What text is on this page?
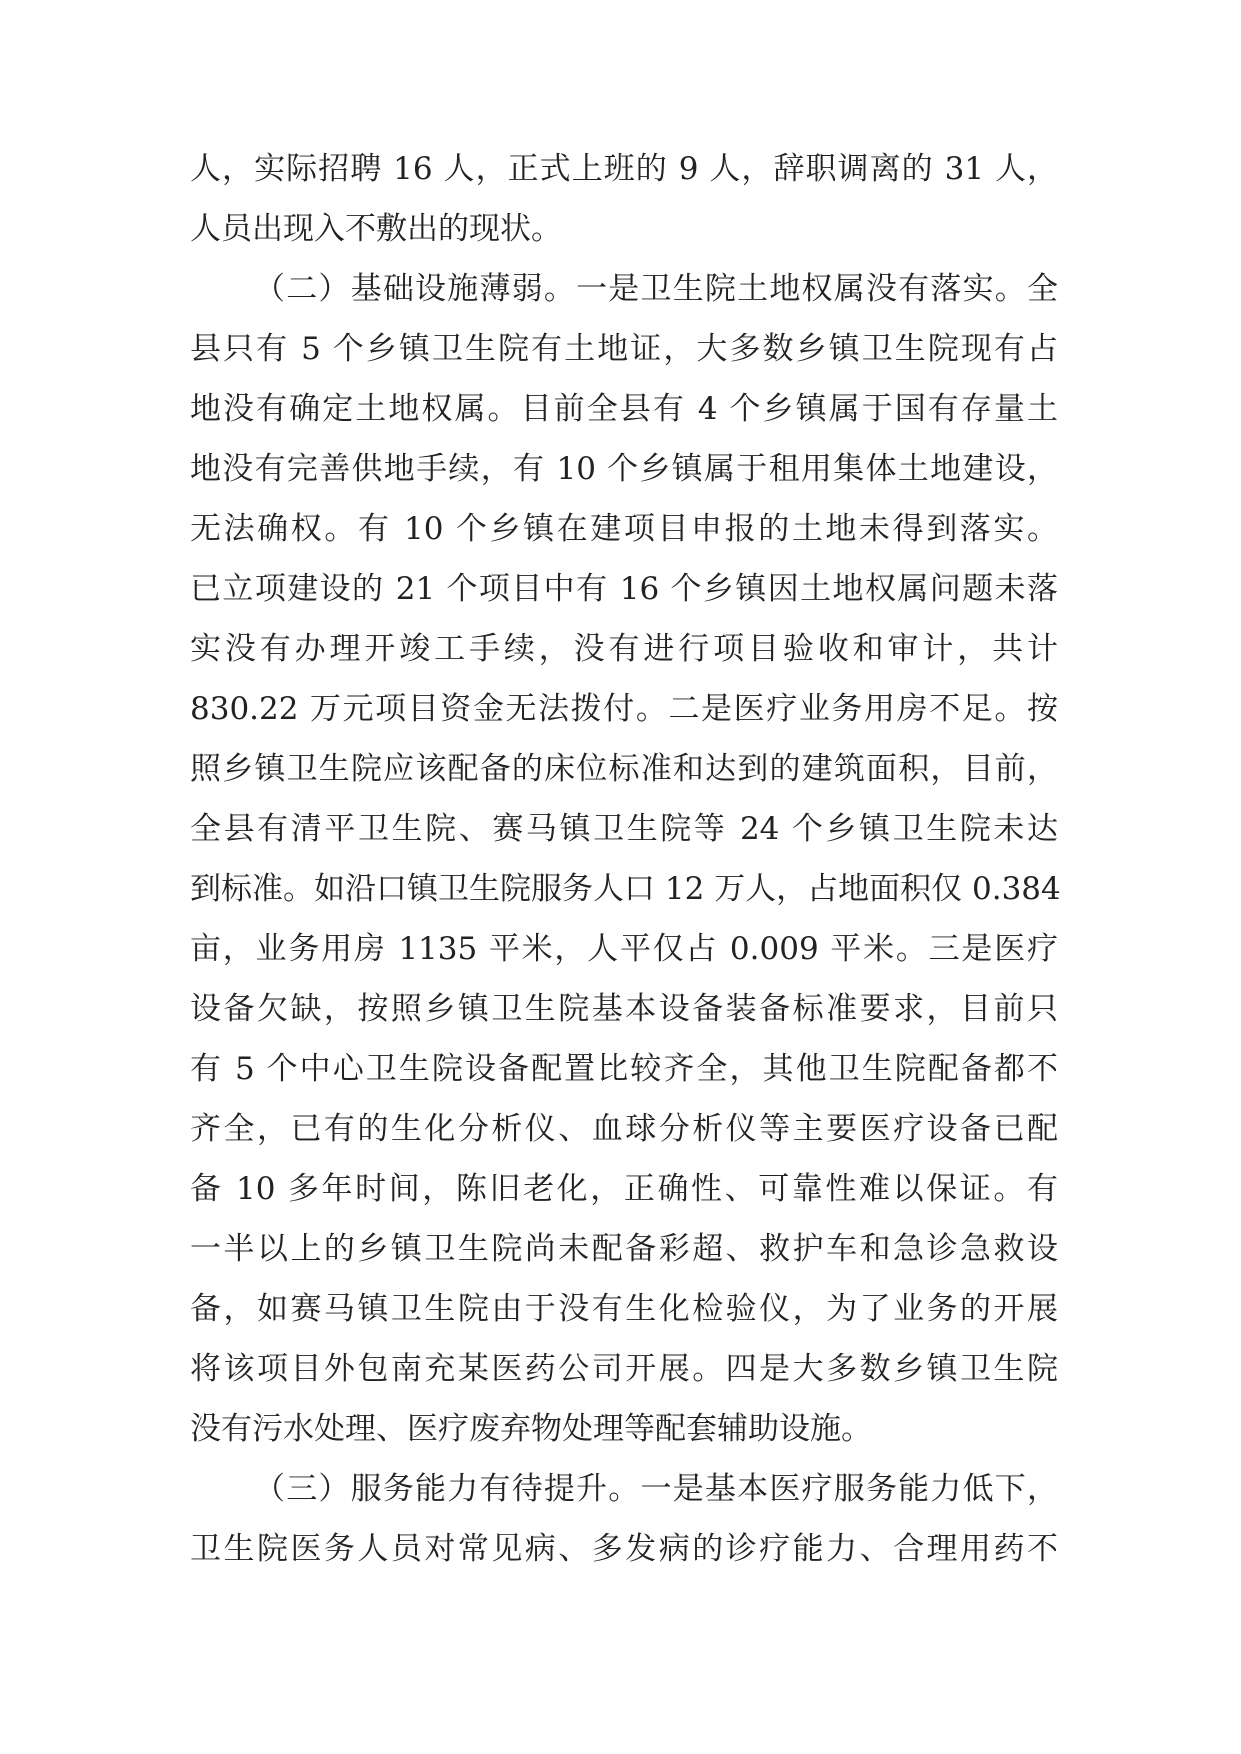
人，实际招聘 16 人，正式上班的 9 人，辞职调离的 31 人，
人员出现入不敷出的现状。
（二）基础设施薄弱。一是卫生院土地权属没有落实。全
县只有 5 个乡镇卫生院有土地证，大多数乡镇卫生院现有占
地没有确定土地权属。目前全县有 4 个乡镇属于国有存量土
地没有完善供地手续，有 10 个乡镇属于租用集体土地建设，
无法确权。有 10 个乡镇在建项目申报的土地未得到落实。
已立项建设的 21 个项目中有 16 个乡镇因土地权属问题未落
实没有办理开竣工手续，没有进行项目验收和审计，共计
830.22 万元项目资金无法拨付。二是医疗业务用房不足。按
照乡镇卫生院应该配备的床位标准和达到的建筑面积，目前，
全县有清平卫生院、赛马镇卫生院等 24 个乡镇卫生院未达
到标准。如沿口镇卫生院服务人口 12 万人，占地面积仅 0.384
亩，业务用房 1135 平米，人平仅占 0.009 平米。三是医疗
设备欠缺，按照乡镇卫生院基本设备装备标准要求，目前只
有 5 个中心卫生院设备配置比较齐全，其他卫生院配备都不
齐全，已有的生化分析仪、血球分析仪等主要医疗设备已配
备 10 多年时间，陈旧老化，正确性、可靠性难以保证。有
一半以上的乡镇卫生院尚未配备彩超、救护车和急诊急救设
备，如赛马镇卫生院由于没有生化检验仪，为了业务的开展
将该项目外包南充某医药公司开展。四是大多数乡镇卫生院
没有污水处理、医疗废弃物处理等配套辅助设施。
（三）服务能力有待提升。一是基本医疗服务能力低下，
卫生院医务人员对常见病、多发病的诊疗能力、合理用药不
